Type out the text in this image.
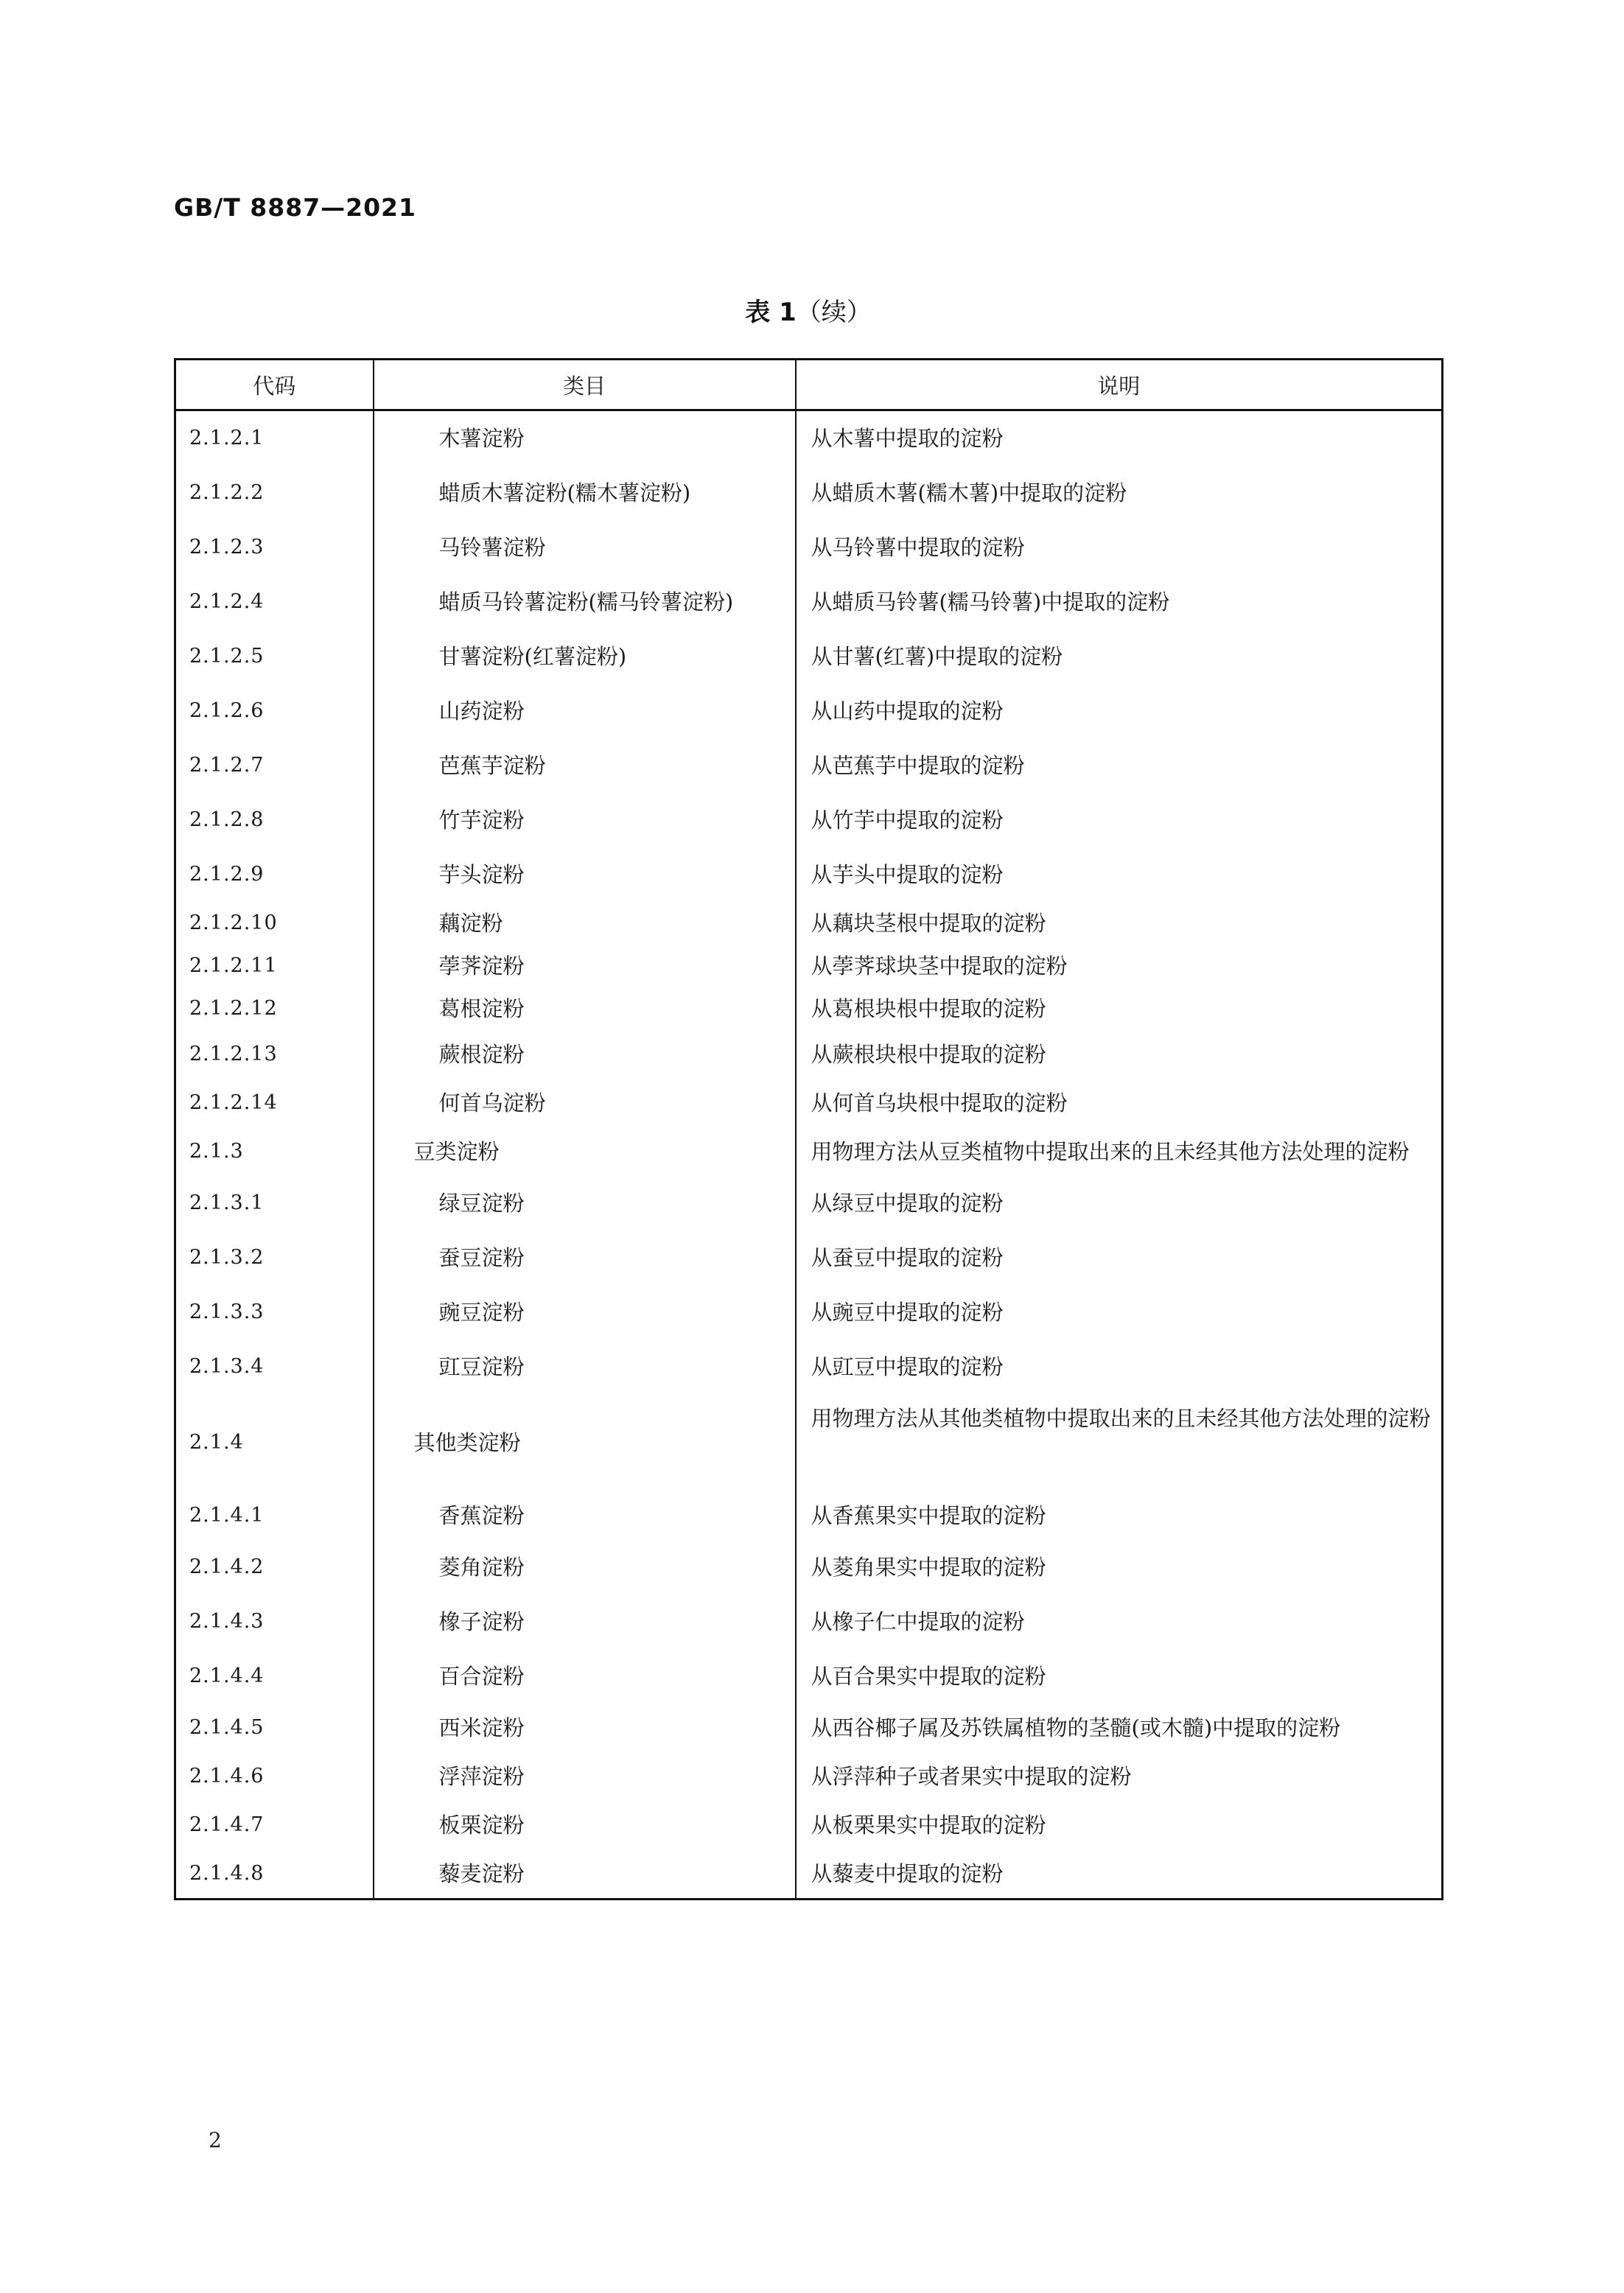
GB/T 8887—2021
表 1（续）
代码	类目	说明
2.1.2.1	木薯淀粉	从木薯中提取的淀粉
2.1.2.2	蜡质木薯淀粉(糯木薯淀粉)	从蜡质木薯(糯木薯)中提取的淀粉
2.1.2.3	马铃薯淀粉	从马铃薯中提取的淀粉
2.1.2.4	蜡质马铃薯淀粉(糯马铃薯淀粉)	从蜡质马铃薯(糯马铃薯)中提取的淀粉
2.1.2.5	甘薯淀粉(红薯淀粉)	从甘薯(红薯)中提取的淀粉
2.1.2.6	山药淀粉	从山药中提取的淀粉
2.1.2.7	芭蕉芋淀粉	从芭蕉芋中提取的淀粉
2.1.2.8	竹芋淀粉	从竹芋中提取的淀粉
2.1.2.9	芋头淀粉	从芋头中提取的淀粉
2.1.2.10	藕淀粉	从藕块茎根中提取的淀粉
2.1.2.11	荸荠淀粉	从荸荠球块茎中提取的淀粉
2.1.2.12	葛根淀粉	从葛根块根中提取的淀粉
2.1.2.13	蕨根淀粉	从蕨根块根中提取的淀粉
2.1.2.14	何首乌淀粉	从何首乌块根中提取的淀粉
2.1.3	豆类淀粉	用物理方法从豆类植物中提取出来的且未经其他方法处理的淀粉
2.1.3.1	绿豆淀粉	从绿豆中提取的淀粉
2.1.3.2	蚕豆淀粉	从蚕豆中提取的淀粉
2.1.3.3	豌豆淀粉	从豌豆中提取的淀粉
2.1.3.4	豇豆淀粉	从豇豆中提取的淀粉
2.1.4	其他类淀粉	用物理方法从其他类植物中提取出来的且未经其他方法处理的淀粉
2.1.4.1	香蕉淀粉	从香蕉果实中提取的淀粉
2.1.4.2	菱角淀粉	从菱角果实中提取的淀粉
2.1.4.3	橡子淀粉	从橡子仁中提取的淀粉
2.1.4.4	百合淀粉	从百合果实中提取的淀粉
2.1.4.5	西米淀粉	从西谷椰子属及苏铁属植物的茎髓(或木髓)中提取的淀粉
2.1.4.6	浮萍淀粉	从浮萍种子或者果实中提取的淀粉
2.1.4.7	板栗淀粉	从板栗果实中提取的淀粉
2.1.4.8	藜麦淀粉	从藜麦中提取的淀粉
2
